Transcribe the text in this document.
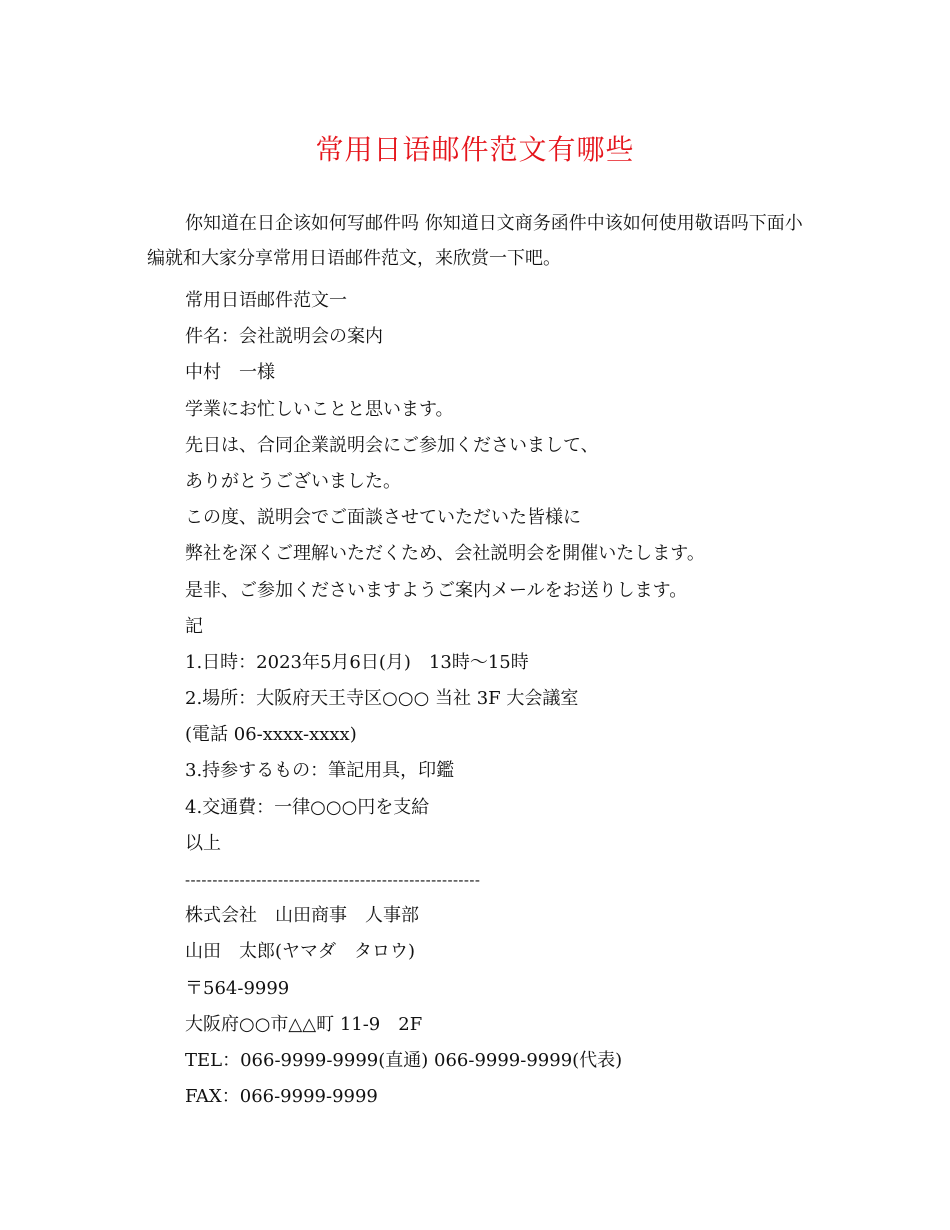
常用日语邮件范文有哪些
你知道在日企该如何写邮件吗 你知道日文商务函件中该如何使用敬语吗下面小编就和大家分享常用日语邮件范文，来欣赏一下吧。
常用日语邮件范文一
件名：会社説明会の案内
中村　一様
学業にお忙しいことと思います。
先日は、合同企業説明会にご参加くださいまして、
ありがとうございました。
この度、説明会でご面談させていただいた皆様に
弊社を深くご理解いただくため、会社説明会を開催いたします。
是非、ご参加くださいますようご案内メールをお送りします。
記
1.日時：2023年5月6日(月)　13時～15時
2.場所：大阪府天王寺区○○○ 当社 3F 大会議室
(電話 06-xxxx-xxxx)
3.持参するもの：筆記用具，印鑑
4.交通費：一律○○○円を支給
以上
------------------------------------------------------
株式会社　山田商事　人事部
山田　太郎(ヤマダ　タロウ)
〒564-9999
大阪府○○市△△町 11-9　2F
TEL：066-9999-9999(直通) 066-9999-9999(代表)
FAX：066-9999-9999
